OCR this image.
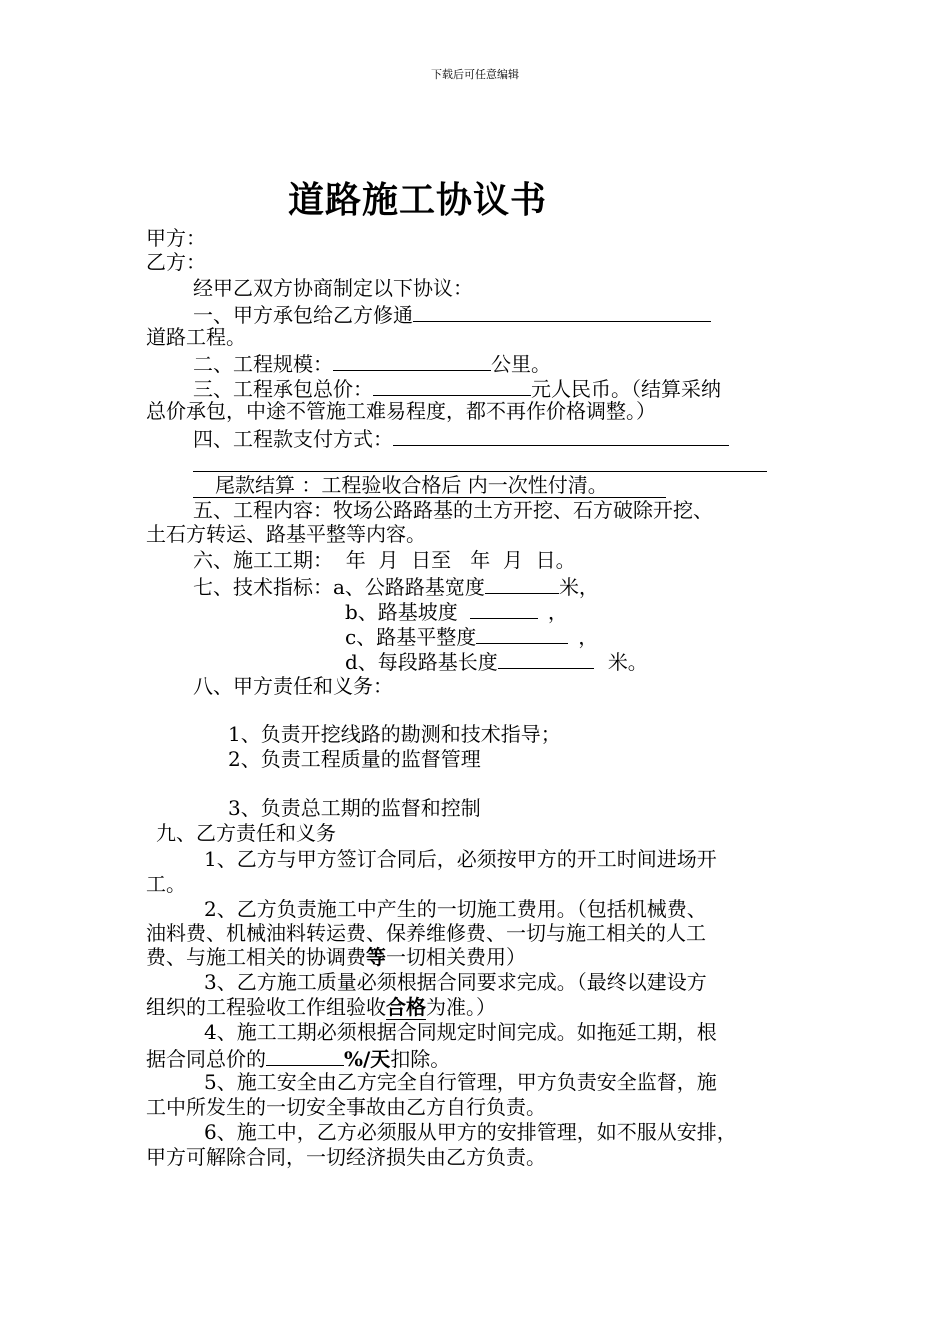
下载后可任意编辑
道路施工协议书
甲方：
乙方：
经甲乙双方协商制定以下协议：
一、甲方承包给乙方修通
道路工程。
二、工程规模：	公里。
三、工程承包总价：	元人民币。（结算采纳
总价承包，中途不管施工难易程度，都不再作价格调整。）
四、工程款支付方式：
尾款结算 ：工程验收合格后 内一次性付清。
五、工程内容：牧场公路路基的土方开挖、石方破除开挖、
土石方转运、路基平整等内容。
六、施工工期：  年  月  日至   年  月  日。
七、技术指标：a、公路路基宽度	米，
b、路基坡度	，
c、路基平整度	，
d、每段路基长度	米。
八、甲方责任和义务：
1、负责开挖线路的勘测和技术指导；
2、负责工程质量的监督管理
3、负责总工期的监督和控制
九、乙方责任和义务
1、乙方与甲方签订合同后，必须按甲方的开工时间进场开
工。
2、乙方负责施工中产生的一切施工费用。（包括机械费、
油料费、机械油料转运费、保养维修费、一切与施工相关的人工
费、与施工相关的协调费等一切相关费用）
3、乙方施工质量必须根据合同要求完成。（最终以建设方
组织的工程验收工作组验收合格为准。）
4、施工工期必须根据合同规定时间完成。如拖延工期，根
据合同总价的	%/天扣除。
5、施工安全由乙方完全自行管理，甲方负责安全监督，施
工中所发生的一切安全事故由乙方自行负责。
6、施工中，乙方必须服从甲方的安排管理，如不服从安排，
甲方可解除合同，一切经济损失由乙方负责。
